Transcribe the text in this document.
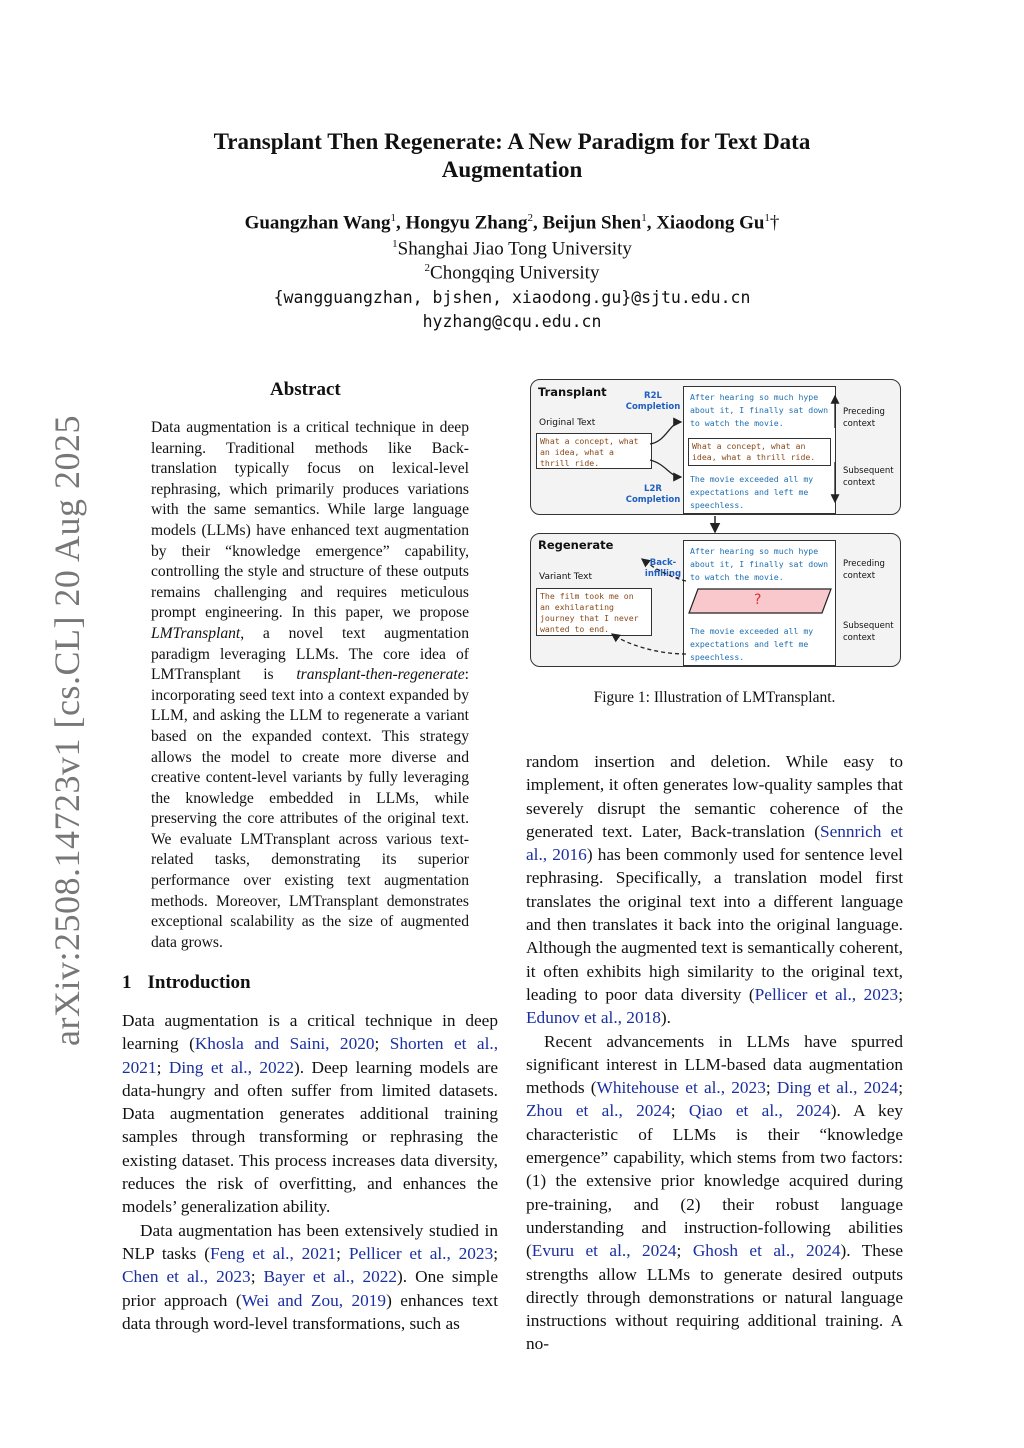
arXiv:2508.14723v1 [cs.CL] 20 Aug 2025
Transplant Then Regenerate: A New Paradigm for Text Data
Augmentation
Guangzhan Wang$^1$, Hongyu Zhang$^2$, Beijun Shen$^1$, Xiaodong Gu$^1$†
$^1$Shanghai Jiao Tong University
$^2$Chongqing University
{wangguangzhan, bjshen, xiaodong.gu}@sjtu.edu.cn
hyzhang@cqu.edu.cn
Abstract
Data augmentation is a critical technique in deep learning. Traditional methods like Back-translation typically focus on lexical-level rephrasing, which primarily produces variations with the same semantics. While large language models (LLMs) have enhanced text augmentation by their “knowledge emergence” capability, controlling the style and structure of these outputs remains challenging and requires meticulous prompt engineering. In this paper, we propose LMTransplant, a novel text augmentation paradigm leveraging LLMs. The core idea of LMTransplant is transplant-then-regenerate: incorporating seed text into a context expanded by LLM, and asking the LLM to regenerate a variant based on the expanded context. This strategy allows the model to create more diverse and creative content-level variants by fully leveraging the knowledge embedded in LLMs, while preserving the core attributes of the original text. We evaluate LMTransplant across various text-related tasks, demonstrating its superior performance over existing text augmentation methods. Moreover, LMTransplant demonstrates exceptional scalability as the size of augmented data grows.
1 Introduction

Data augmentation is a critical technique in deep learning (Khosla and Saini, 2020; Shorten et al., 2021; Ding et al., 2022). Deep learning models are data-hungry and often suffer from limited datasets. Data augmentation generates additional training samples through transforming or rephrasing the existing dataset. This process increases data diversity, reduces the risk of overfitting, and enhances the models’ generalization ability.

Data augmentation has been extensively studied in NLP tasks (Feng et al., 2021; Pellicer et al., 2023; Chen et al., 2023; Bayer et al., 2022). One simple prior approach (Wei and Zou, 2019) enhances text data through word-level transformations, such as

random insertion and deletion. While easy to implement, it often generates low-quality samples that severely disrupt the semantic coherence of the generated text. Later, Back-translation (Sennrich et al., 2016) has been commonly used for sentence level rephrasing. Specifically, a translation model first translates the original text into a different language and then translates it back into the original language. Although the augmented text is semantically coherent, it often exhibits high similarity to the original text, leading to poor data diversity (Pellicer et al., 2023; Edunov et al., 2018).

Recent advancements in LLMs have spurred significant interest in LLM-based data augmentation methods (Whitehouse et al., 2023; Ding et al., 2024; Zhou et al., 2024; Qiao et al., 2024). A key characteristic of LLMs is their “knowledge emergence” capability, which stems from two factors: (1) the extensive prior knowledge acquired during pre-training, and (2) their robust language understanding and instruction-following abilities (Evuru et al., 2024; Ghosh et al., 2024). These strengths allow LLMs to generate desired outputs directly through demonstrations or natural language instructions without requiring additional training. A no-

Transplant
Original Text
What a concept, what an idea, what a thrill ride.
R2L Completion
L2R Completion
After hearing so much hype about it, I finally sat down to watch the movie.
What a concept, what an idea, what a thrill ride.
The movie exceeded all my expectations and left me speechless.
Preceding context
Subsequent context
Regenerate
Variant Text
The film took me on an exhilarating journey that I never wanted to end.
Back-infilling
After hearing so much hype about it, I finally sat down to watch the movie.
The movie exceeded all my expectations and left me speechless.
Preceding context
Subsequent context
?
Figure 1: Illustration of LMTransplant.
